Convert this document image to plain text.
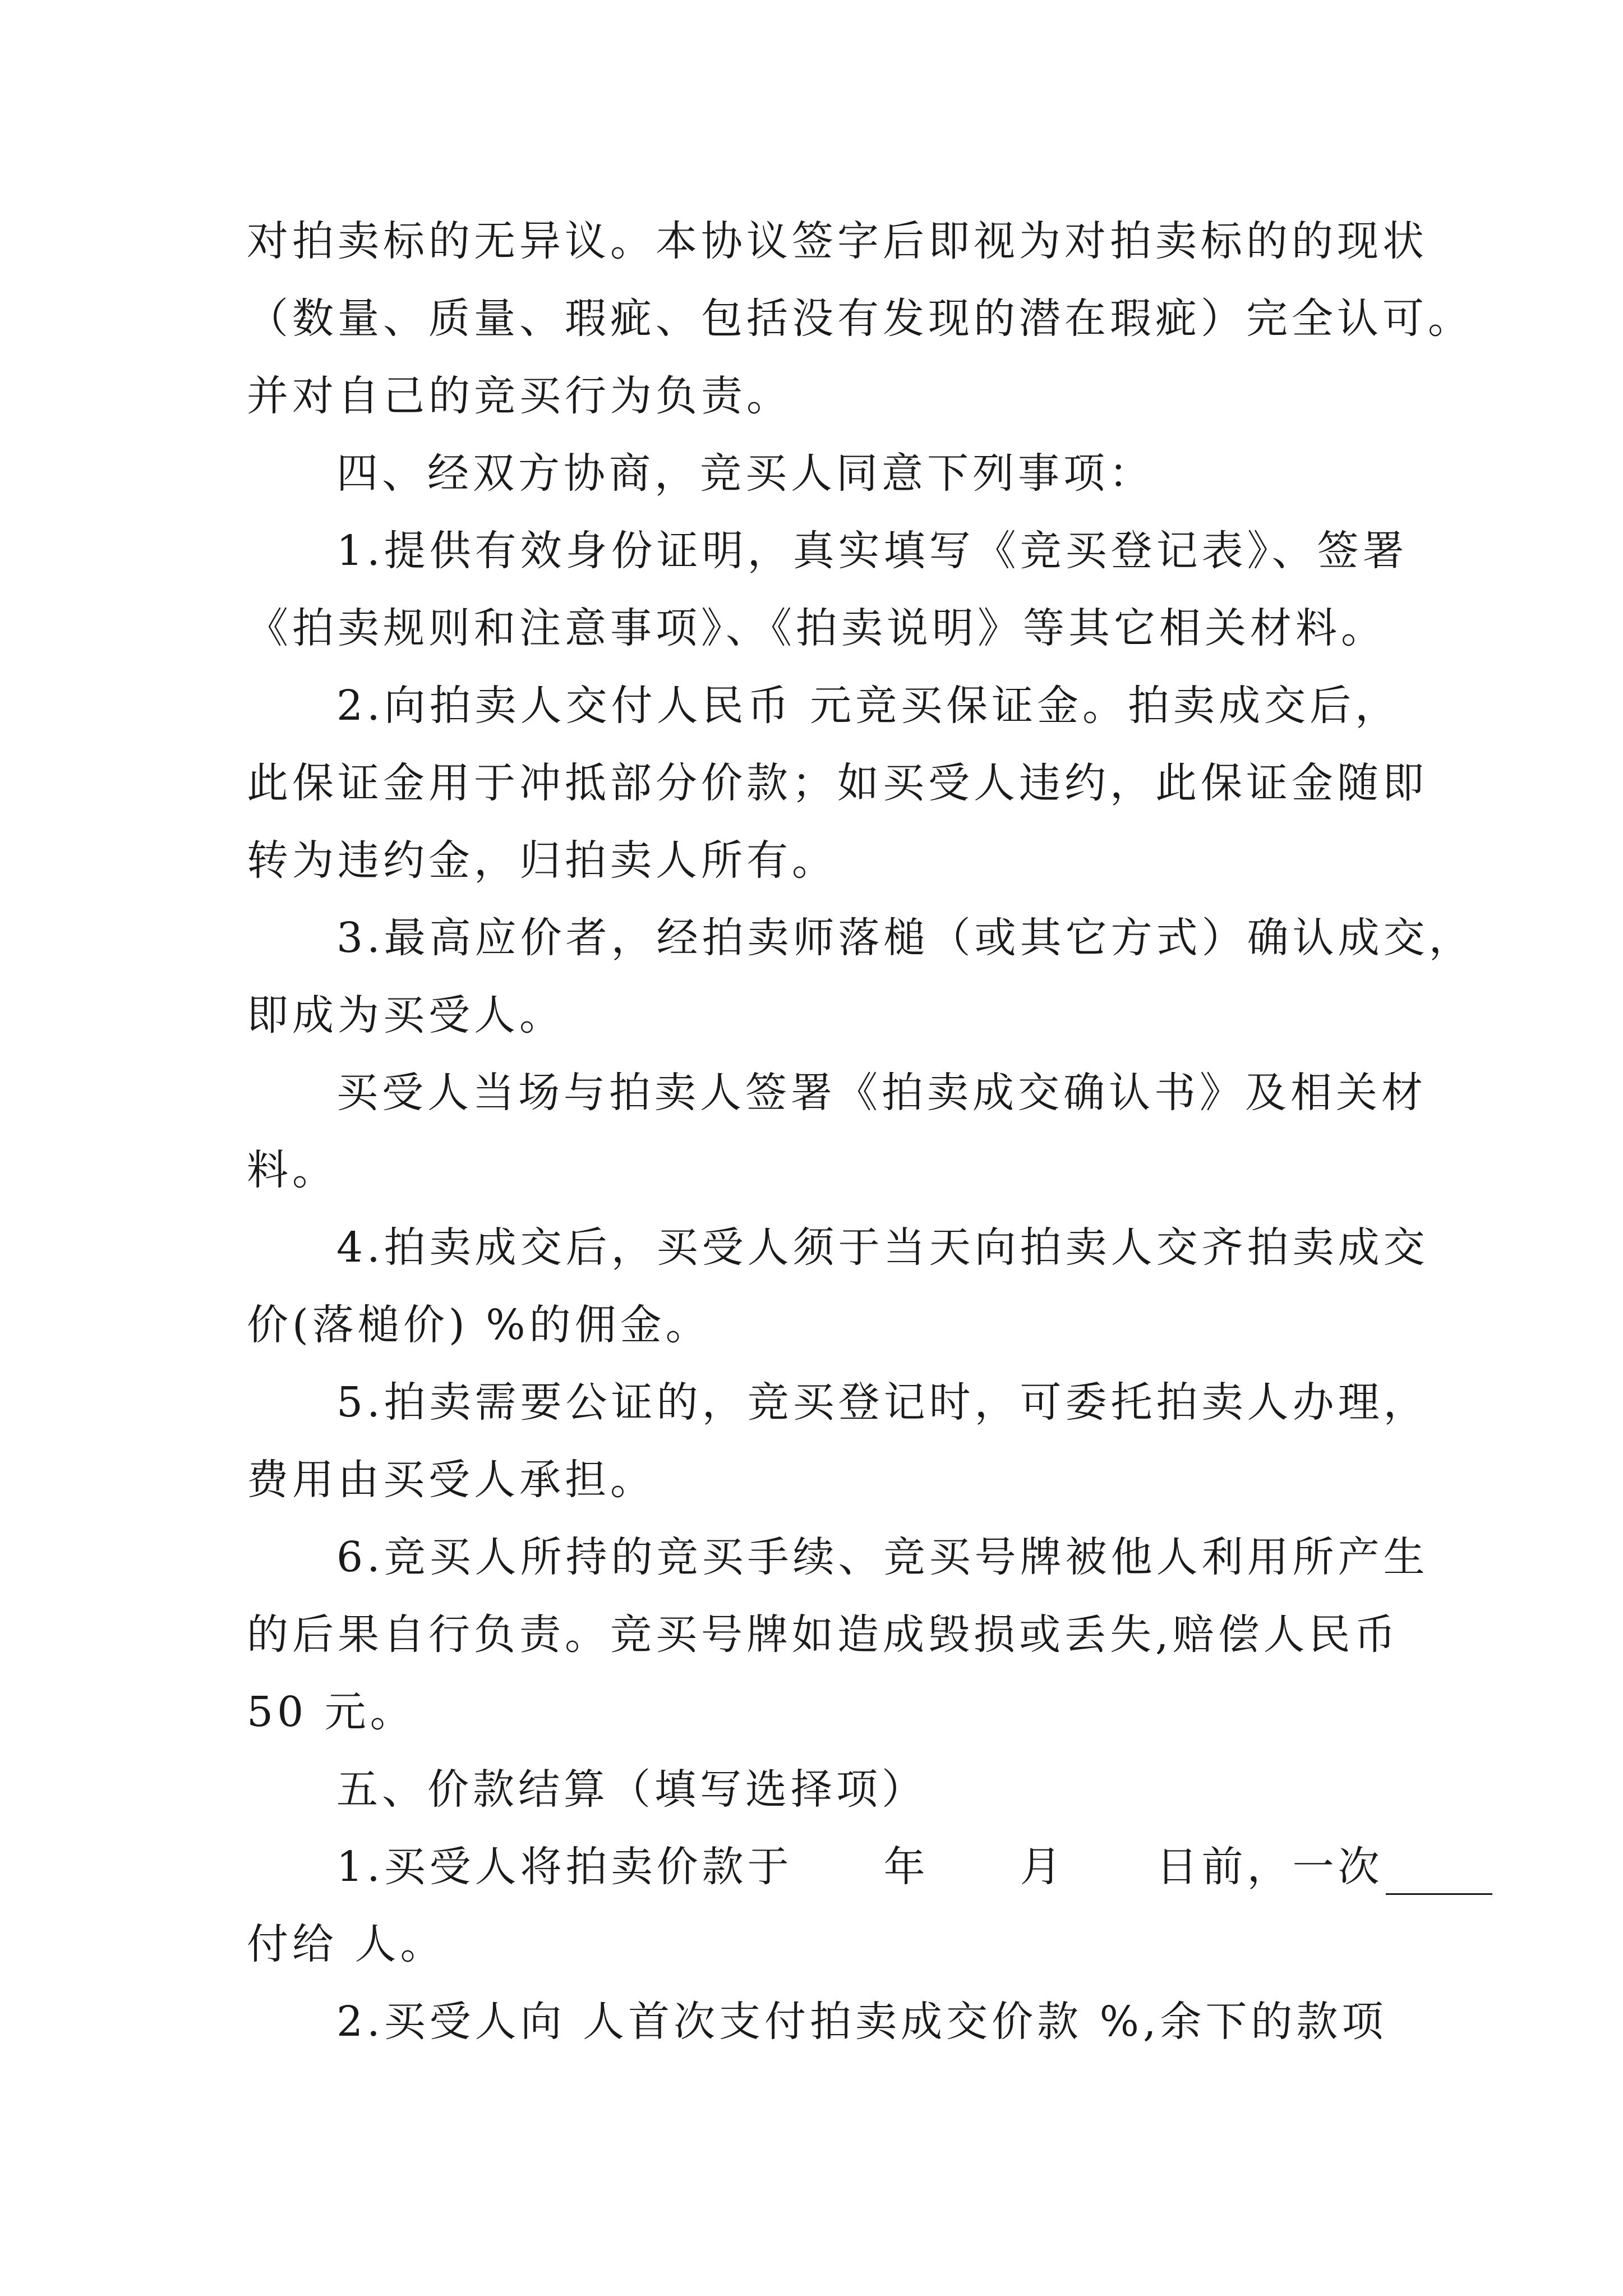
对拍卖标的无异议。本协议签字后即视为对拍卖标的的现状

（数量、质量、瑕疵、包括没有发现的潜在瑕疵）完全认可。

并对自己的竞买行为负责。

四、经双方协商，竞买人同意下列事项：

1.提供有效身份证明，真实填写《竞买登记表》、签署

《拍卖规则和注意事项》、《拍卖说明》等其它相关材料。

2.向拍卖人交付人民币 元竞买保证金。拍卖成交后，

此保证金用于冲抵部分价款；如买受人违约，此保证金随即

转为违约金，归拍卖人所有。

3.最高应价者，经拍卖师落槌（或其它方式）确认成交，

即成为买受人。

买受人当场与拍卖人签署《拍卖成交确认书》及相关材

料。

4.拍卖成交后，买受人须于当天向拍卖人交齐拍卖成交

价(落槌价) %的佣金。

5.拍卖需要公证的，竞买登记时，可委托拍卖人办理，

费用由买受人承担。

6.竞买人所持的竞买手续、竞买号牌被他人利用所产生

的后果自行负责。竞买号牌如造成毁损或丢失,赔偿人民币

50 元。

五、价款结算（填写选择项）

1.买受人将拍卖价款于　　年　　月　　日前，一次

付给 人。

2.买受人向 人首次支付拍卖成交价款 %,余下的款项
